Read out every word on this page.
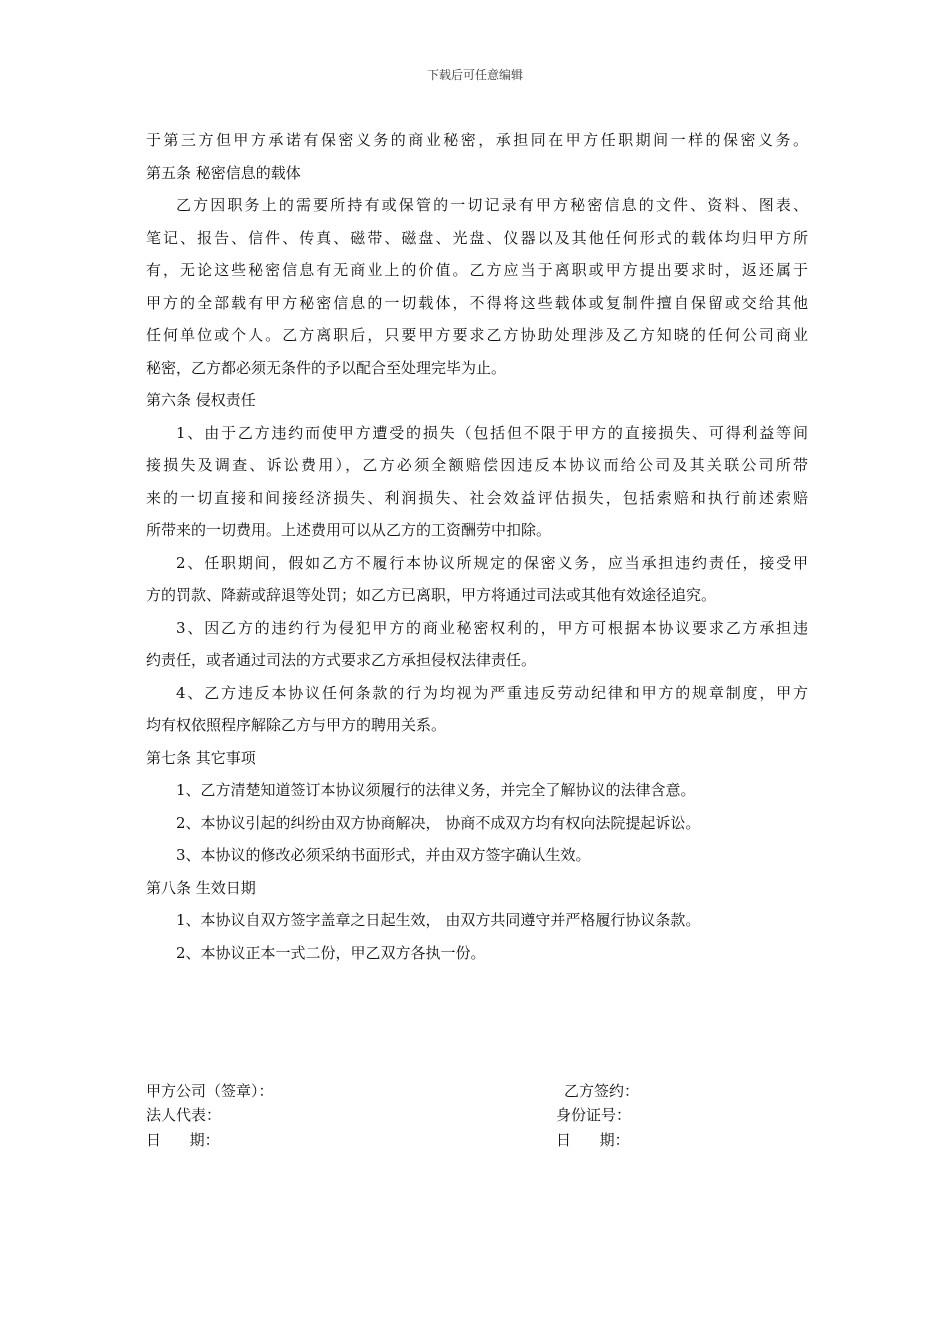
下载后可任意编辑
于第三方但甲方承诺有保密义务的商业秘密，承担同在甲方任职期间一样的保密义务。
第五条 秘密信息的载体
乙方因职务上的需要所持有或保管的一切记录有甲方秘密信息的文件、资料、图表、
笔记、报告、信件、传真、磁带、磁盘、光盘、仪器以及其他任何形式的载体均归甲方所
有，无论这些秘密信息有无商业上的价值。乙方应当于离职或甲方提出要求时，返还属于
甲方的全部载有甲方秘密信息的一切载体，不得将这些载体或复制件擅自保留或交给其他
任何单位或个人。乙方离职后，只要甲方要求乙方协助处理涉及乙方知晓的任何公司商业
秘密，乙方都必须无条件的予以配合至处理完毕为止。
第六条 侵权责任
1、由于乙方违约而使甲方遭受的损失（包括但不限于甲方的直接损失、可得利益等间
接损失及调查、诉讼费用），乙方必须全额赔偿因违反本协议而给公司及其关联公司所带
来的一切直接和间接经济损失、利润损失、社会效益评估损失，包括索赔和执行前述索赔
所带来的一切费用。上述费用可以从乙方的工资酬劳中扣除。
2、任职期间，假如乙方不履行本协议所规定的保密义务，应当承担违约责任，接受甲
方的罚款、降薪或辞退等处罚；如乙方已离职，甲方将通过司法或其他有效途径追究。
3、因乙方的违约行为侵犯甲方的商业秘密权利的，甲方可根据本协议要求乙方承担违
约责任，或者通过司法的方式要求乙方承担侵权法律责任。
4、乙方违反本协议任何条款的行为均视为严重违反劳动纪律和甲方的规章制度，甲方
均有权依照程序解除乙方与甲方的聘用关系。
第七条 其它事项
1、乙方清楚知道签订本协议须履行的法律义务，并完全了解协议的法律含意。
2、本协议引起的纠纷由双方协商解决， 协商不成双方均有权向法院提起诉讼。
3、本协议的修改必须采纳书面形式，并由双方签字确认生效。
第八条 生效日期
1、本协议自双方签字盖章之日起生效， 由双方共同遵守并严格履行协议条款。
2、本协议正本一式二份，甲乙双方各执一份。
甲方公司（签章）：	乙方签约：
法人代表：	身份证号：
日      期：	日      期：
